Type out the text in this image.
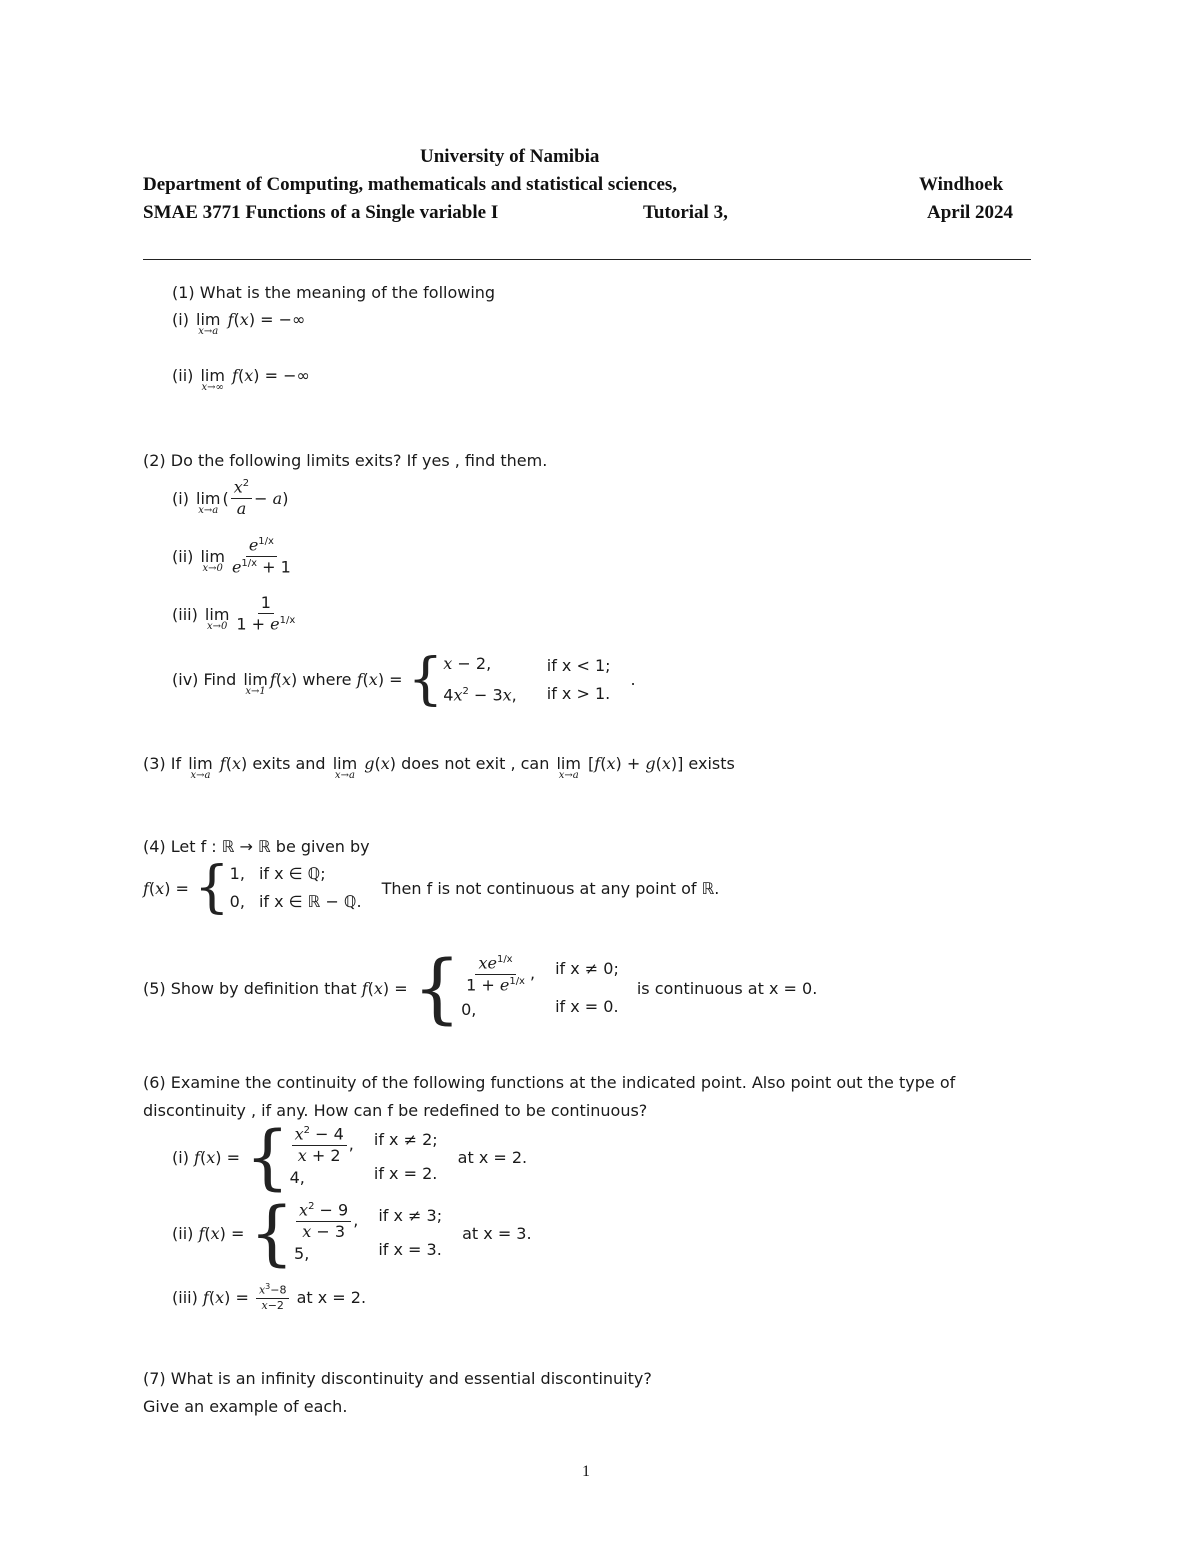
University of Namibia
Department of Computing, mathematicals and statistical sciences,	Windhoek
SMAE 3771 Functions of a Single variable I	Tutorial 3,	April 2024
(1) What is the meaning of the following
(i) lim
x→a
f(x) = −∞
(ii) lim
x→∞
f(x) = −∞
(2) Do the following limits exits? If yes , find them.
(i)
lim
x→a
( $\frac{x^2}{a} - a$ )
(ii)
lim
$x\to 0 \frac{e^{1/x}}{e^{1/x} + 1}$
(iii)
lim
$x\to 0 \frac{1}{1 + e^{1/x}}$
(iv) Find
lim
x→1
f ( x ) where
f ( x ) = { x − 2,
$4x^2 - 3x$,
if x < 1;
if x > 1.
.
(3) If lim
x→a
f(x) exits and lim
x→a
g(x) does not exit , can lim
x→a
[f(x) + g(x)] exists
(4) Let f : ℝ → ℝ be given by
f ( x ) = { 1,
0,
if x ∈ ℚ;
if x ∈ ℝ − ℚ.
Then f is not continuous at any point of ℝ.
(5) Show by definition that
f ( x ) = { $\frac{xe^{1/x}}{1 + e^{1/x}}$ ,
0,
if x ≠ 0;
if x = 0.
is continuous at x = 0.
(6) Examine the continuity of the following functions at the indicated point. Also point out the type of
discontinuity , if any. How can f be redefined to be continuous?
(i)
f ( x ) = { $\frac{x^2 - 4}{x + 2}$ ,
4,
if x ≠ 2;
if x = 2.
at x = 2.
(ii)
f ( x ) = { $\frac{x^2 - 9}{x - 3}$ ,
5,
if x ≠ 3;
if x = 3.
at x = 3.
(iii)
f ( x ) = $\frac{x^3-8}{x-2}$
at x = 2.
(7) What is an infinity discontinuity and essential discontinuity?
Give an example of each.
1
